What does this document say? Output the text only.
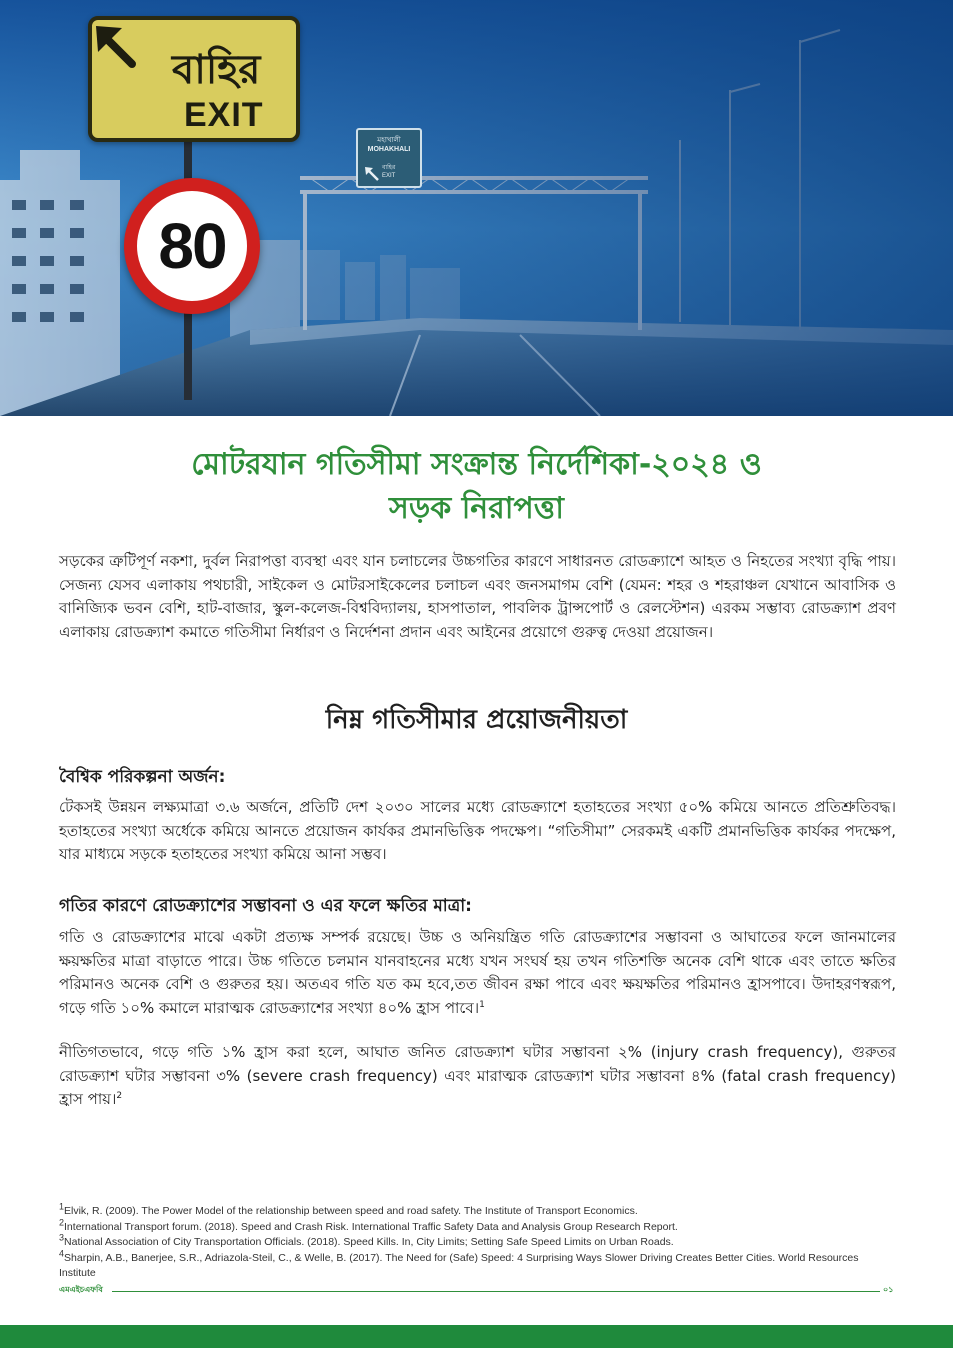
বাহির
EXIT
80
মহাখালী
MOHAKHALI
বাহির
EXIT
মোটরযান গতিসীমা সংক্রান্ত নির্দেশিকা-২০২৪ ও
সড়ক নিরাপত্তা
সড়কের ত্রুটিপূর্ণ নকশা, দুর্বল নিরাপত্তা ব্যবস্থা এবং যান চলাচলের উচ্চগতির কারণে সাধারনত রোডক্র্যাশে আহত ও নিহতের সংখ্যা বৃদ্ধি পায়। সেজন্য যেসব এলাকায় পথচারী, সাইকেল ও মোটরসাইকেলের চলাচল এবং জনসমাগম বেশি (যেমন: শহর ও শহরাঞ্চল যেখানে আবাসিক ও বানিজ্যিক ভবন বেশি, হাট-বাজার, স্কুল-কলেজ-বিশ্ববিদ্যালয়, হাসপাতাল, পাবলিক ট্রান্সপোর্ট ও রেলস্টেশন) এরকম সম্ভাব্য রোডক্র্যাশ প্রবণ এলাকায় রোডক্র্যাশ কমাতে গতিসীমা নির্ধারণ ও নির্দেশনা প্রদান এবং আইনের প্রয়োগে গুরুত্ব দেওয়া প্রয়োজন।
নিম্ন গতিসীমার প্রয়োজনীয়তা
বৈশ্বিক পরিকল্পনা অর্জন:
টেকসই উন্নয়ন লক্ষ্যমাত্রা ৩.৬ অর্জনে, প্রতিটি দেশ ২০৩০ সালের মধ্যে রোডক্র্যাশে হতাহতের সংখ্যা ৫০% কমিয়ে আনতে প্রতিশ্রুতিবদ্ধ। হতাহতের সংখ্যা অর্ধেকে কমিয়ে আনতে প্রয়োজন কার্যকর প্রমানভিত্তিক পদক্ষেপ। “গতিসীমা” সেরকমই একটি প্রমানভিত্তিক কার্যকর পদক্ষেপ, যার মাধ্যমে সড়কে হতাহতের সংখ্যা কমিয়ে আনা সম্ভব।
গতির কারণে রোডক্র্যাশের সম্ভাবনা ও এর ফলে ক্ষতির মাত্রা:
গতি ও রোডক্র্যাশের মাঝে একটা প্রত্যক্ষ সম্পর্ক রয়েছে। উচ্চ ও অনিয়ন্ত্রিত গতি রোডক্র্যাশের সম্ভাবনা ও আঘাতের ফলে জানমালের ক্ষয়ক্ষতির মাত্রা বাড়াতে পারে। উচ্চ গতিতে চলমান যানবাহনের মধ্যে যখন সংঘর্ষ হয় তখন গতিশক্তি অনেক বেশি থাকে এবং তাতে ক্ষতির পরিমানও অনেক বেশি ও গুরুতর হয়। অতএব গতি যত কম হবে,তত জীবন রক্ষা পাবে এবং ক্ষয়ক্ষতির পরিমানও হ্রাসপাবে। উদাহরণস্বরূপ, গড়ে গতি ১০% কমালে মারাত্মক রোডক্র্যাশের সংখ্যা ৪০% হ্রাস পাবে।$^1$
নীতিগতভাবে, গড়ে গতি ১% হ্রাস করা হলে, আঘাত জনিত রোডক্র্যাশ ঘটার সম্ভাবনা ২% (injury crash frequency), গুরুতর রোডক্র্যাশ ঘটার সম্ভাবনা ৩% (severe crash frequency) এবং মারাত্মক রোডক্র্যাশ ঘটার সম্ভাবনা ৪% (fatal crash frequency) হ্রাস পায়।$^2$
$^1$Elvik, R. (2009). The Power Model of the relationship between speed and road safety. The Institute of Transport Economics.
$^2$International Transport forum. (2018). Speed and Crash Risk. International Traffic Safety Data and Analysis Group Research Report.
$^3$National Association of City Transportation Officials. (2018). Speed Kills. In, City Limits; Setting Safe Speed Limits on Urban Roads.
$^4$Sharpin, A.B., Banerjee, S.R., Adriazola-Steil, C., & Welle, B. (2017). The Need for (Safe) Speed: 4 Surprising Ways Slower Driving Creates Better Cities. World Resources Institute
এমএইচএফবি	০১
